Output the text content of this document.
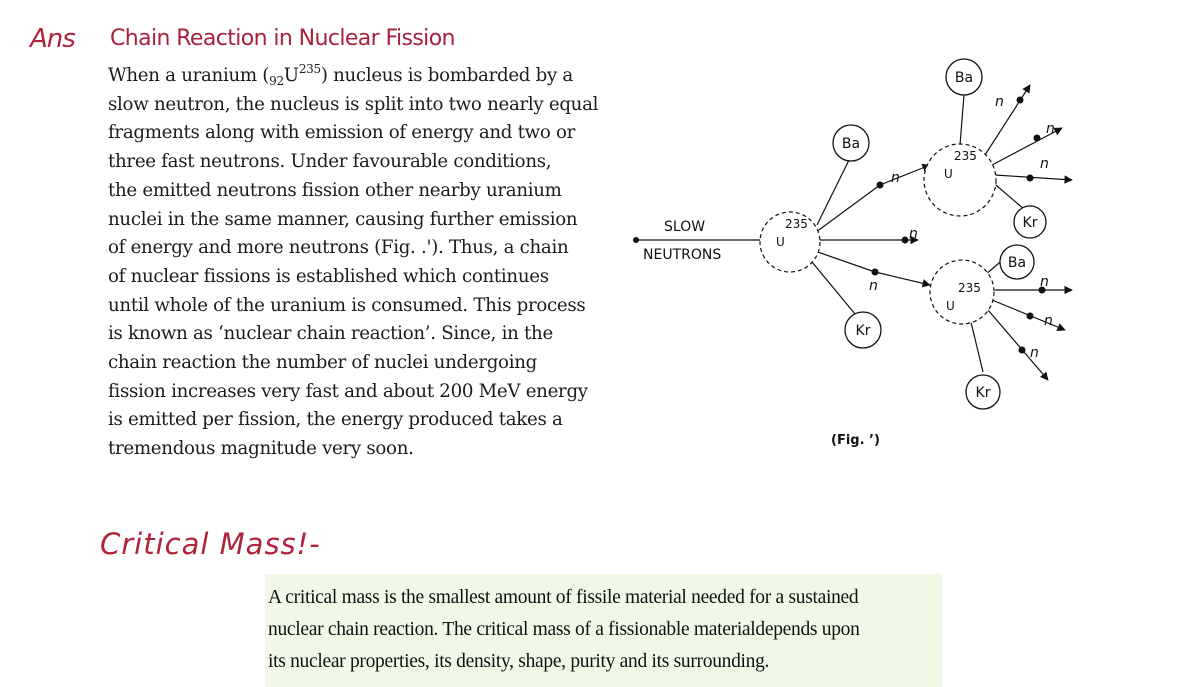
Ans Chain Reaction in Nuclear Fission
When a uranium $(_{92}U^{235})$ nucleus is bombarded by a
slow neutron, the nucleus is split into two nearly equal
fragments along with emission of energy and two or
three fast neutrons. Under favourable conditions,
the emitted neutrons fission other nearby uranium
nuclei in the same manner, causing further emission
of energy and more neutrons (Fig. .'). Thus, a chain
of nuclear fissions is established which continues
until whole of the uranium is consumed. This process
is known as ‘nuclear chain reaction’. Since, in the
chain reaction the number of nuclei undergoing
fission increases very fast and about 200 MeV energy
is emitted per fission, the energy produced takes a
tremendous magnitude very soon.
235
U
235
U
235
U
Ba
Kr
Ba
Kr
Ba
Kr
n
n
n
n
n
n
n
n
n
SLOW
NEUTRONS
(Fig. ’)
Critical Mass!-
A critical mass is the smallest amount of fissile material needed for a sustained
nuclear chain reaction. The critical mass of a fissionable materialdepends upon
its nuclear properties, its density, shape, purity and its surrounding.
